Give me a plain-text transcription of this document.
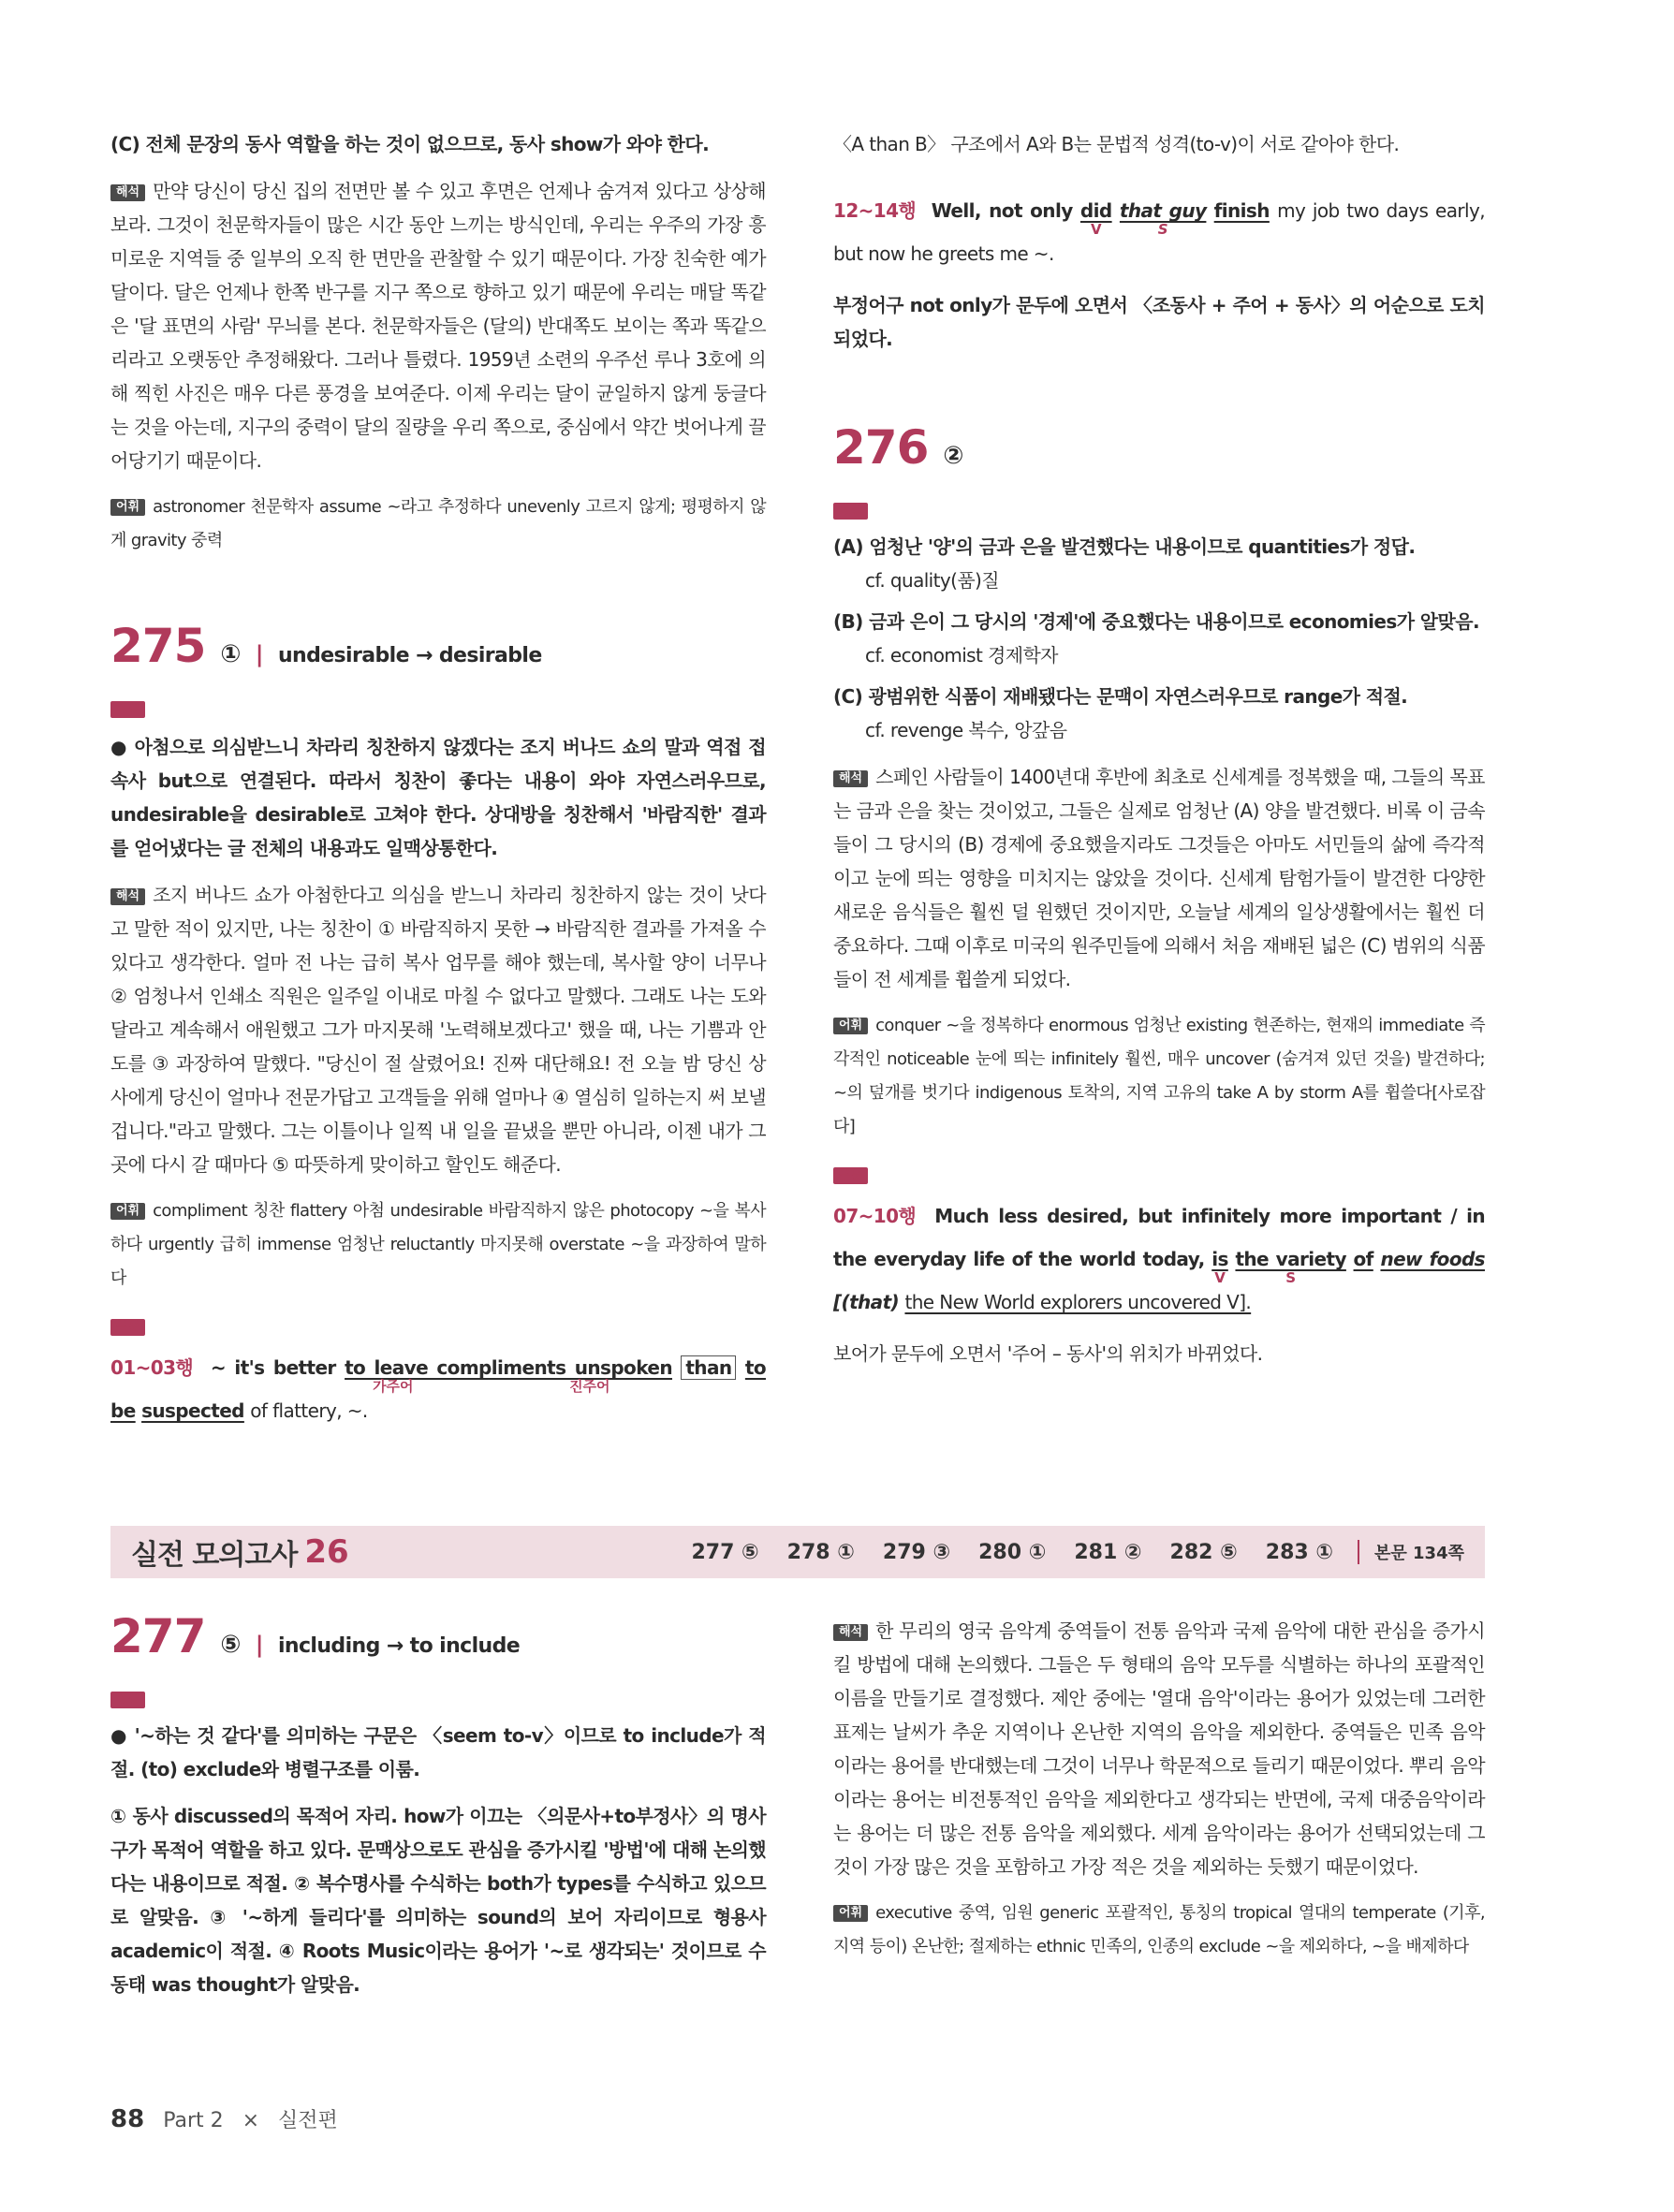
(C) 전체 문장의 동사 역할을 하는 것이 없으므로, 동사 show가 와야 한다.

해석 만약 당신이 당신 집의 전면만 볼 수 있고 후면은 언제나 숨겨져 있다고 상상해보라. 그것이 천문학자들이 많은 시간 동안 느끼는 방식인데, 우리는 우주의 가장 흥미로운 지역들 중 일부의 오직 한 면만을 관찰할 수 있기 때문이다. 가장 친숙한 예가 달이다. 달은 언제나 한쪽 반구를 지구 쪽으로 향하고 있기 때문에 우리는 매달 똑같은 '달 표면의 사람' 무늬를 본다. 천문학자들은 (달의) 반대쪽도 보이는 쪽과 똑같으리라고 오랫동안 추정해왔다. 그러나 틀렸다. 1959년 소련의 우주선 루나 3호에 의해 찍힌 사진은 매우 다른 풍경을 보여준다. 이제 우리는 달이 균일하지 않게 둥글다는 것을 아는데, 지구의 중력이 달의 질량을 우리 쪽으로, 중심에서 약간 벗어나게 끌어당기기 때문이다.

어휘 astronomer 천문학자 assume ~라고 추정하다 unevenly 고르지 않게; 평평하지 않게 gravity 중력

275 ① | undesirable → desirable
해설

● 아첨으로 의심받느니 차라리 칭찬하지 않겠다는 조지 버나드 쇼의 말과 역접 접속사 but으로 연결된다. 따라서 칭찬이 좋다는 내용이 와야 자연스러우므로, undesirable을 desirable로 고쳐야 한다. 상대방을 칭찬해서 '바람직한' 결과를 얻어냈다는 글 전체의 내용과도 일맥상통한다.

해석 조지 버나드 쇼가 아첨한다고 의심을 받느니 차라리 칭찬하지 않는 것이 낫다고 말한 적이 있지만, 나는 칭찬이 ① 바람직하지 못한 → 바람직한 결과를 가져올 수 있다고 생각한다. 얼마 전 나는 급히 복사 업무를 해야 했는데, 복사할 양이 너무나 ② 엄청나서 인쇄소 직원은 일주일 이내로 마칠 수 없다고 말했다. 그래도 나는 도와달라고 계속해서 애원했고 그가 마지못해 '노력해보겠다고' 했을 때, 나는 기쁨과 안도를 ③ 과장하여 말했다. "당신이 절 살렸어요! 진짜 대단해요! 전 오늘 밤 당신 상사에게 당신이 얼마나 전문가답고 고객들을 위해 얼마나 ④ 열심히 일하는지 써 보낼 겁니다."라고 말했다. 그는 이틀이나 일찍 내 일을 끝냈을 뿐만 아니라, 이젠 내가 그곳에 다시 갈 때마다 ⑤ 따뜻하게 맞이하고 할인도 해준다.

어휘 compliment 칭찬 flattery 아첨 undesirable 바람직하지 않은 photocopy ~을 복사하다 urgently 급히 immense 엄청난 reluctantly 마지못해 overstate ~을 과장하여 말하다

구문

01~03행 ~ it's better to leave compliments unspoken
가주어	진주어
than to be suspected of flattery, ~.

〈A than B〉 구조에서 A와 B는 문법적 성격(to-v)이 서로 같아야 한다.

12~14행 Well, not only did
V
that guy
S
finish my job two days early, but now he greets me ~.

부정어구 not only가 문두에 오면서 〈조동사 + 주어 + 동사〉의 어순으로 도치되었다.

276 ②
해설

(A) 엄청난 '양'의 금과 은을 발견했다는 내용이므로 quantities가 정답.
cf. quality(품)질

(B) 금과 은이 그 당시의 '경제'에 중요했다는 내용이므로 economies가 알맞음.
cf. economist 경제학자

(C) 광범위한 식품이 재배됐다는 문맥이 자연스러우므로 range가 적절.
cf. revenge 복수, 앙갚음

해석 스페인 사람들이 1400년대 후반에 최초로 신세계를 정복했을 때, 그들의 목표는 금과 은을 찾는 것이었고, 그들은 실제로 엄청난 (A) 양을 발견했다. 비록 이 금속들이 그 당시의 (B) 경제에 중요했을지라도 그것들은 아마도 서민들의 삶에 즉각적이고 눈에 띄는 영향을 미치지는 않았을 것이다. 신세계 탐험가들이 발견한 다양한 새로운 음식들은 훨씬 덜 원했던 것이지만, 오늘날 세계의 일상생활에서는 훨씬 더 중요하다. 그때 이후로 미국의 원주민들에 의해서 처음 재배된 넓은 (C) 범위의 식품들이 전 세계를 휩쓸게 되었다.

어휘 conquer ~을 정복하다 enormous 엄청난 existing 현존하는, 현재의 immediate 즉각적인 noticeable 눈에 띄는 infinitely 훨씬, 매우 uncover (숨겨져 있던 것을) 발견하다; ~의 덮개를 벗기다 indigenous 토착의, 지역 고유의 take A by storm A를 휩쓸다[사로잡다]

구문

07~10행 Much less desired, but infinitely more important / in the everyday life of the world today, is
V
the variety
S
of new foods [(that) the New World explorers uncovered V].

보어가 문두에 오면서 '주어 – 동사'의 위치가 바뀌었다.

실전 모의고사 26	277 ⑤ 278 ① 279 ③ 280 ① 281 ② 282 ⑤ 283 ①	본문 134쪽
277 ⑤ | including → to include
해설

● '~하는 것 같다'를 의미하는 구문은 〈seem to-v〉이므로 to include가 적절. (to) exclude와 병렬구조를 이룸.

① 동사 discussed의 목적어 자리. how가 이끄는 〈의문사+to부정사〉의 명사구가 목적어 역할을 하고 있다. 문맥상으로도 관심을 증가시킬 '방법'에 대해 논의했다는 내용이므로 적절. ② 복수명사를 수식하는 both가 types를 수식하고 있으므로 알맞음. ③ '~하게 들리다'를 의미하는 sound의 보어 자리이므로 형용사 academic이 적절. ④ Roots Music이라는 용어가 '~로 생각되는' 것이므로 수동태 was thought가 알맞음.

해석 한 무리의 영국 음악계 중역들이 전통 음악과 국제 음악에 대한 관심을 증가시킬 방법에 대해 논의했다. 그들은 두 형태의 음악 모두를 식별하는 하나의 포괄적인 이름을 만들기로 결정했다. 제안 중에는 '열대 음악'이라는 용어가 있었는데 그러한 표제는 날씨가 추운 지역이나 온난한 지역의 음악을 제외한다. 중역들은 민족 음악이라는 용어를 반대했는데 그것이 너무나 학문적으로 들리기 때문이었다. 뿌리 음악이라는 용어는 비전통적인 음악을 제외한다고 생각되는 반면에, 국제 대중음악이라는 용어는 더 많은 전통 음악을 제외했다. 세계 음악이라는 용어가 선택되었는데 그것이 가장 많은 것을 포함하고 가장 적은 것을 제외하는 듯했기 때문이었다.

어휘 executive 중역, 임원 generic 포괄적인, 통칭의 tropical 열대의 temperate (기후, 지역 등이) 온난한; 절제하는 ethnic 민족의, 인종의 exclude ~을 제외하다, ~을 배제하다

88 Part 2 × 실전편
